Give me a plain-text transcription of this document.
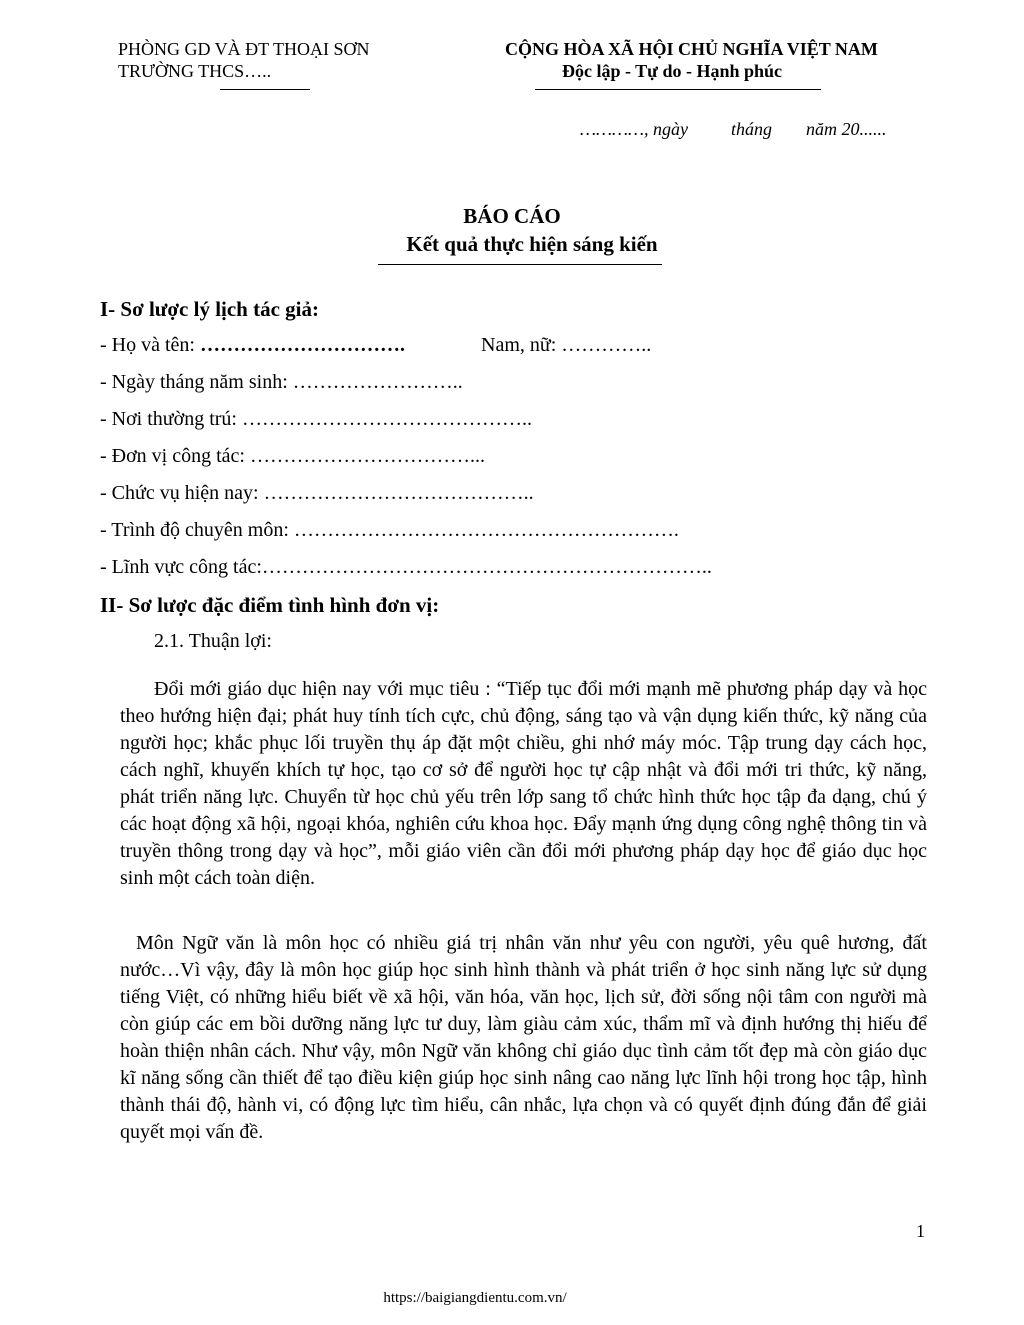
PHÒNG GD VÀ ĐT THOẠI SƠN
TRƯỜNG THCS…..
CỘNG HÒA XÃ HỘI CHỦ NGHĨA VIỆT NAM
Độc lập - Tự do - Hạnh phúc
…………, ngày tháng năm 20......
BÁO CÁO
Kết quả thực hiện sáng kiến
I- Sơ lược lý lịch tác giả:
- Họ và tên: ………………………….	Nam, nữ: …………..
- Ngày tháng năm sinh: ……………………..
- Nơi thường trú: ……………………………………..
- Đơn vị công tác: ……………………………...
- Chức vụ hiện nay: …………………………………..
- Trình độ chuyên môn: ………………………………………………….
- Lĩnh vực công tác:…………………………………………………………..
II- Sơ lược đặc điểm tình hình đơn vị:
2.1. Thuận lợi:

Đổi mới giáo dục hiện nay với mục tiêu : “Tiếp tục đổi mới mạnh mẽ phương pháp dạy và học theo hướng hiện đại; phát huy tính tích cực, chủ động, sáng tạo và vận dụng kiến thức, kỹ năng của người học; khắc phục lối truyền thụ áp đặt một chiều, ghi nhớ máy móc. Tập trung dạy cách học, cách nghĩ, khuyến khích tự học, tạo cơ sở để người học tự cập nhật và đổi mới tri thức, kỹ năng, phát triển năng lực. Chuyển từ học chủ yếu trên lớp sang tổ chức hình thức học tập đa dạng, chú ý các hoạt động xã hội, ngoại khóa, nghiên cứu khoa học. Đẩy mạnh ứng dụng công nghệ thông tin và truyền thông trong dạy và học”, mỗi giáo viên cần đổi mới phương pháp dạy học để giáo dục học sinh một cách toàn diện.

Môn Ngữ văn là môn học có nhiều giá trị nhân văn như yêu con người, yêu quê hương, đất nước…Vì vậy, đây là môn học giúp học sinh hình thành và phát triển ở học sinh năng lực sử dụng tiếng Việt, có những hiểu biết về xã hội, văn hóa, văn học, lịch sử, đời sống nội tâm con người mà còn giúp các em bồi dưỡng năng lực tư duy, làm giàu cảm xúc, thẩm mĩ và định hướng thị hiếu để hoàn thiện nhân cách. Như vậy, môn Ngữ văn không chỉ giáo dục tình cảm tốt đẹp mà còn giáo dục kĩ năng sống cần thiết để tạo điều kiện giúp học sinh nâng cao năng lực lĩnh hội trong học tập, hình thành thái độ, hành vi, có động lực tìm hiểu, cân nhắc, lựa chọn và có quyết định đúng đắn để giải quyết mọi vấn đề.

1
https://baigiangdientu.com.vn/
